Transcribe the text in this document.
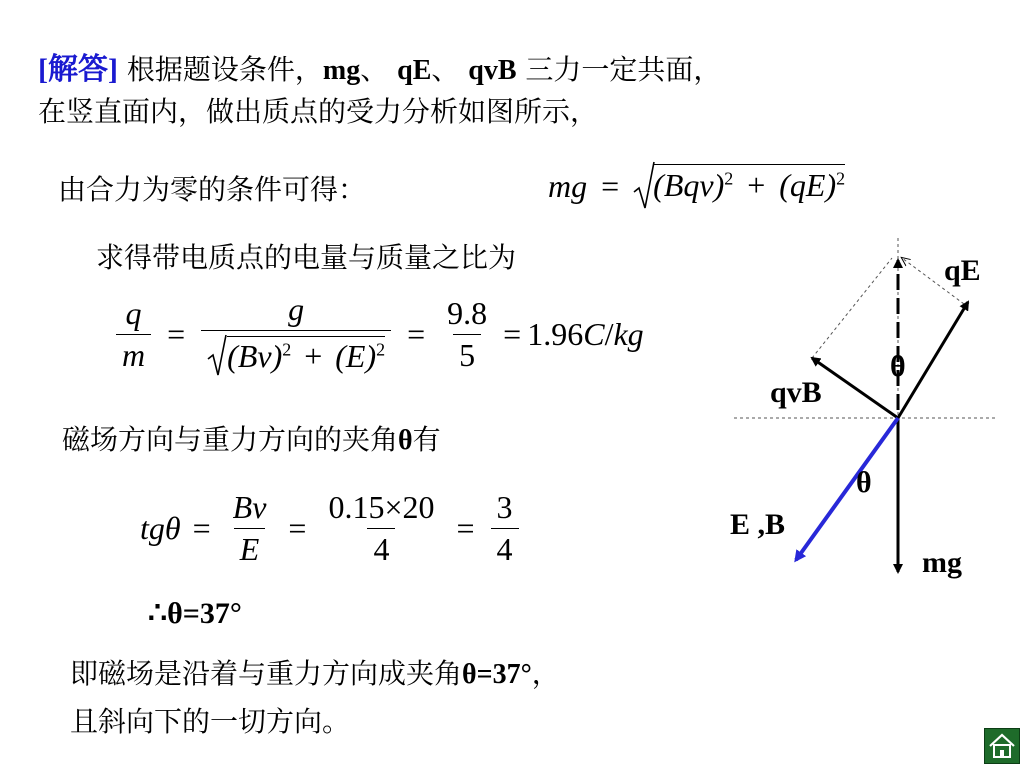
[解答] 根据题设条件，mg、 qE、 qvB 三力一定共面，
在竖直面内，做出质点的受力分析如图所示，
由合力为零的条件可得：	mg = (Bqv)$^2$ + (qE)$^2$
求得带电质点的电量与质量之比为
$\frac{q}{m} = \frac{g}{(Bv)^2 + (E)^2} = \frac{9.8}{5} = 1.96$ C / kg
磁场方向与重力方向的夹角θ有
tg $\theta = \frac{Bv}{E} = \frac{0.15\times 20}{4} = \frac{3}{4}$
∴θ=37°
即磁场是沿着与重力方向成夹角θ=37°，
且斜向下的一切方向。
qE
θ
qvB
θ
E ,B
mg
